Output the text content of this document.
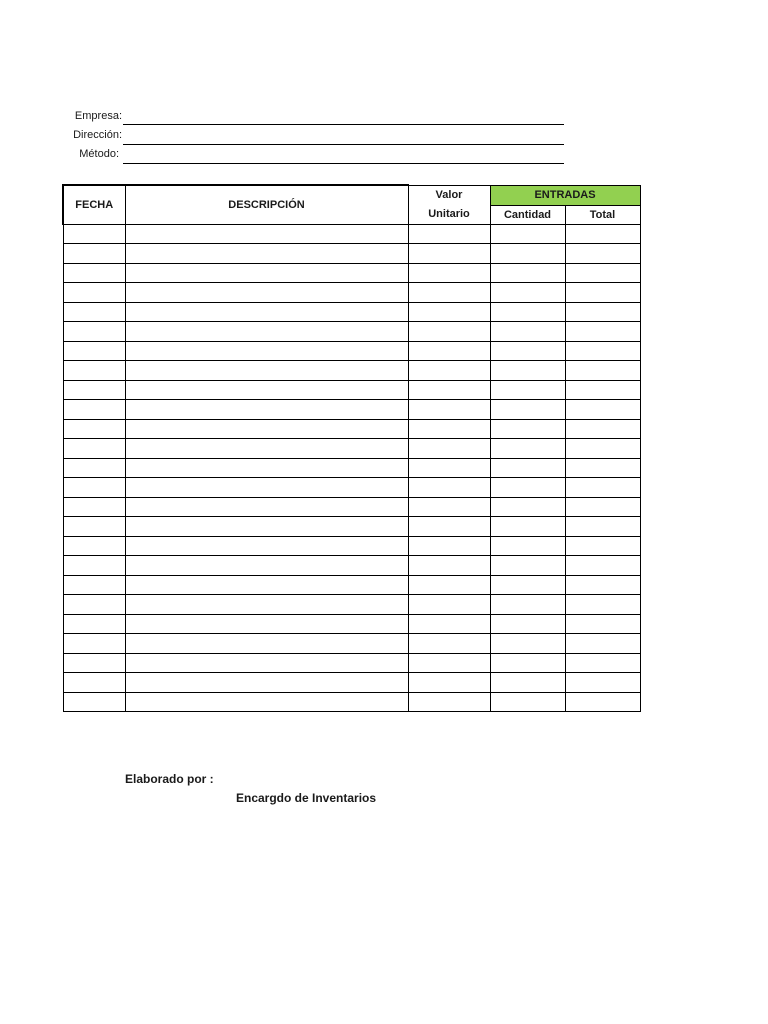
Empresa:
Dirección:
Método:
FECHA	DESCRIPCIÓN	Valor	ENTRADAS	
		Unitario	Cantidad	Total

Elaborado por :
Encargdo de Inventarios
